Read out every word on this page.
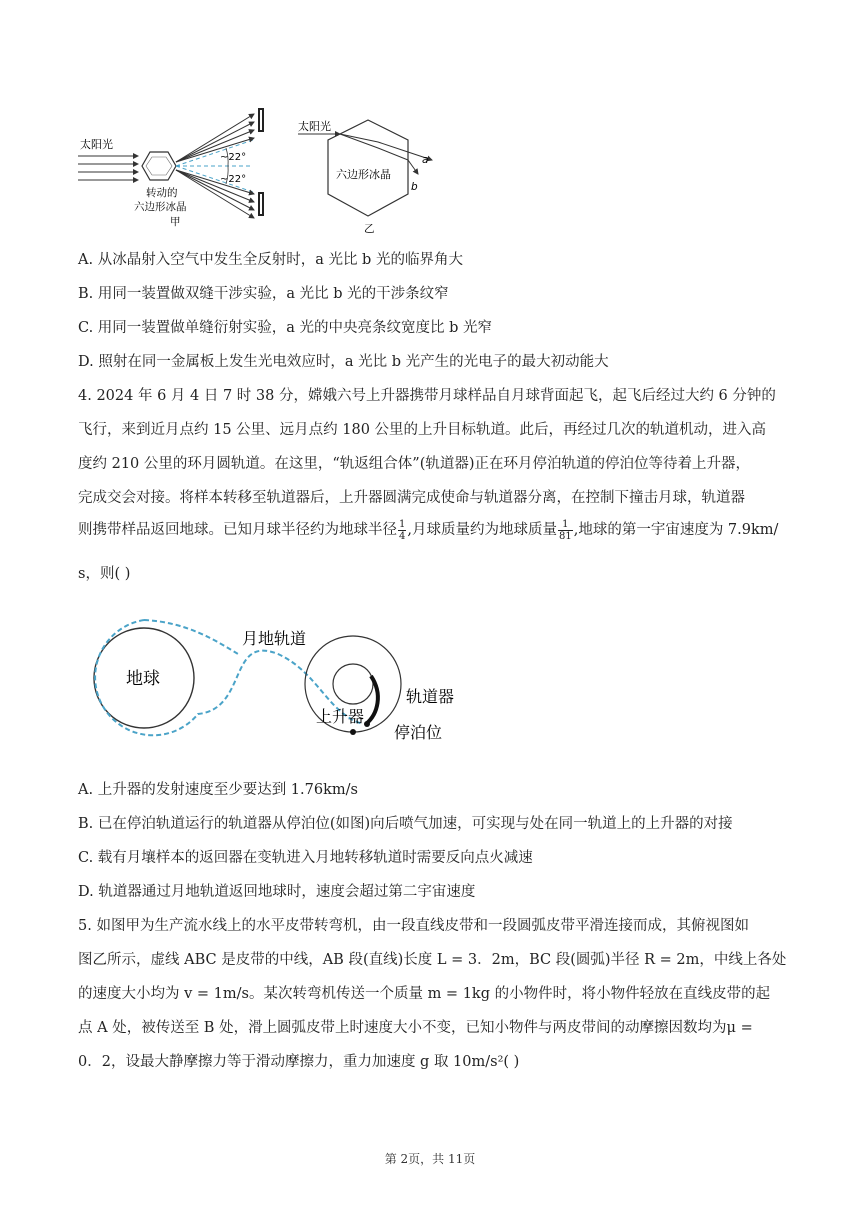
太阳光
~22°
~22°
转动的
六边形冰晶
甲
太阳光
六边形冰晶
a
b
乙
A. 从冰晶射入空气中发生全反射时，a 光比 b 光的临界角大
B. 用同一装置做双缝干涉实验，a 光比 b 光的干涉条纹窄
C. 用同一装置做单缝衍射实验，a 光的中央亮条纹宽度比 b 光窄
D. 照射在同一金属板上发生光电效应时，a 光比 b 光产生的光电子的最大初动能大
4. 2024 年 6 月 4 日 7 时 38 分，嫦娥六号上升器携带月球样品自月球背面起飞，起飞后经过大约 6 分钟的
飞行，来到近月点约 15 公里、远月点约 180 公里的上升目标轨道。此后，再经过几次的轨道机动，进入高
度约 210 公里的环月圆轨道。在这里，“轨返组合体”(轨道器)正在环月停泊轨道的停泊位等待着上升器，
完成交会对接。将样本转移至轨道器后，上升器圆满完成使命与轨道器分离，在控制下撞击月球，轨道器
则携带样品返回地球。已知月球半径约为地球半径 $\frac{1}{4}$ ,月球质量约为地球质量 $\frac{1}{81}$ ,地球的第一宇宙速度为 7.9km/
s，则( )
地球
月地轨道
轨道器
上升器
停泊位
A. 上升器的发射速度至少要达到 1.76km/s
B. 已在停泊轨道运行的轨道器从停泊位(如图)向后喷气加速，可实现与处在同一轨道上的上升器的对接
C. 载有月壤样本的返回器在变轨进入月地转移轨道时需要反向点火减速
D. 轨道器通过月地轨道返回地球时，速度会超过第二宇宙速度
5. 如图甲为生产流水线上的水平皮带转弯机，由一段直线皮带和一段圆弧皮带平滑连接而成，其俯视图如
图乙所示，虚线 ABC 是皮带的中线，AB 段(直线)长度 L = 3．2m，BC 段(圆弧)半径 R = 2m，中线上各处
的速度大小均为 v = 1m/s。某次转弯机传送一个质量 m = 1kg 的小物件时，将小物件轻放在直线皮带的起
点 A 处，被传送至 B 处，滑上圆弧皮带上时速度大小不变，已知小物件与两皮带间的动摩擦因数均为μ =
0．2，设最大静摩擦力等于滑动摩擦力，重力加速度 g 取 10m/s²( )
第 2页，共 11页
